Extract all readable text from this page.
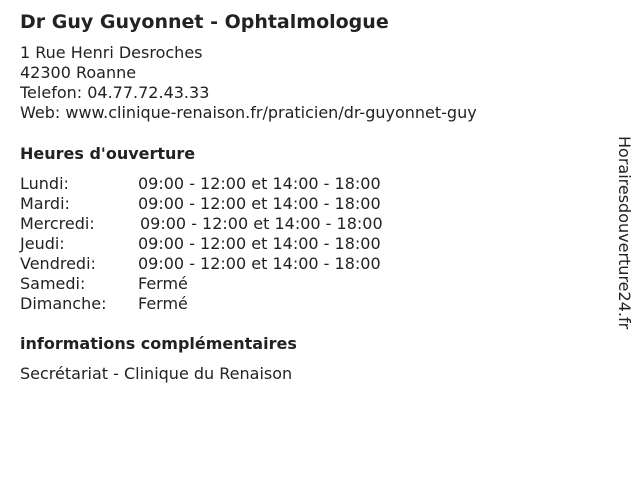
Dr Guy Guyonnet - Ophtalmologue
1 Rue Henri Desroches
42300 Roanne
Telefon: 04.77.72.43.33
Web: www.clinique-renaison.fr/praticien/dr-guyonnet-guy
Heures d'ouverture
Lundi:	09:00 - 12:00 et 14:00 - 18:00
Mardi:	09:00 - 12:00 et 14:00 - 18:00
Mercredi:	09:00 - 12:00 et 14:00 - 18:00
Jeudi:	09:00 - 12:00 et 14:00 - 18:00
Vendredi:	09:00 - 12:00 et 14:00 - 18:00
Samedi:	Fermé
Dimanche: Fermé
informations complémentaires
Secrétariat - Clinique du Renaison
Horairesdouverture24.fr
